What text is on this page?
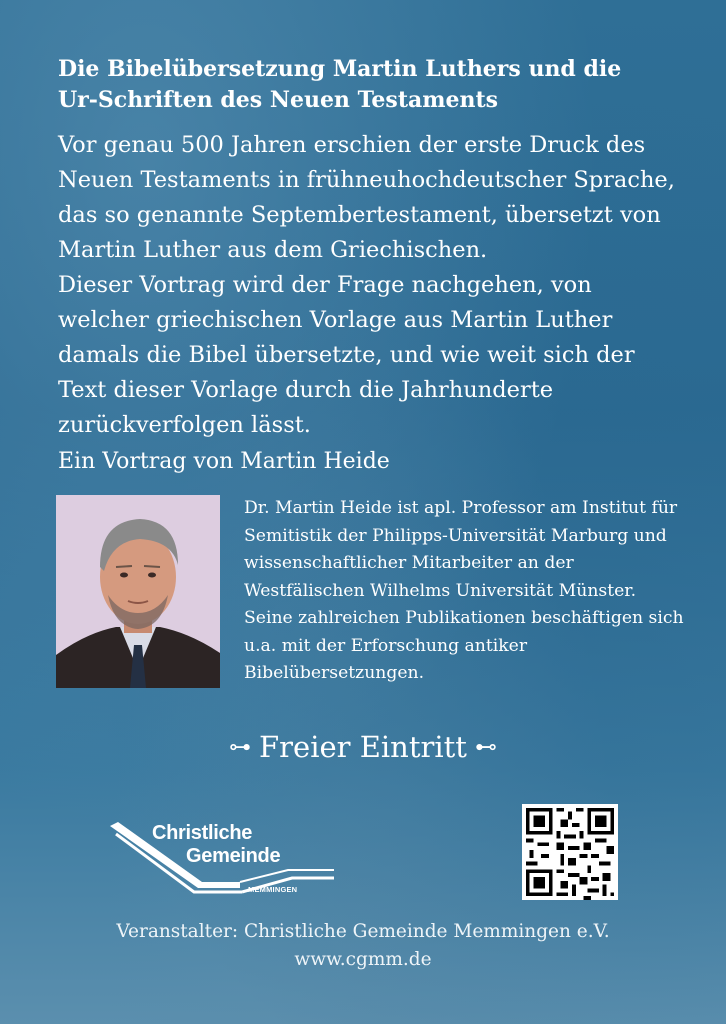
Die Bibelübersetzung Martin Luthers und die
Ur-Schriften des Neuen Testaments

Vor genau 500 Jahren erschien der erste Druck des Neuen Testaments in frühneuhochdeutscher Sprache, das so genannte Septembertestament, übersetzt von Martin Luther aus dem Griechischen.

Dieser Vortrag wird der Frage nachgehen, von welcher griechischen Vorlage aus Martin Luther damals die Bibel übersetzte, und wie weit sich der Text dieser Vorlage durch die Jahrhunderte zurückverfolgen lässt.

Ein Vortrag von Martin Heide
Dr. Martin Heide ist apl. Professor am Institut für Semitistik der Philipps-Universität Marburg und wissenschaftlicher Mitarbeiter an der Westfälischen Wilhelms Universität Münster. Seine zahlreichen Publikationen beschäftigen sich u.a. mit der Erforschung antiker Bibelübersetzungen.
⊶ Freier Eintritt ⊷
Christliche
Gemeinde
MEMMINGEN
Veranstalter: Christliche Gemeinde Memmingen e.V.
www.cgmm.de
